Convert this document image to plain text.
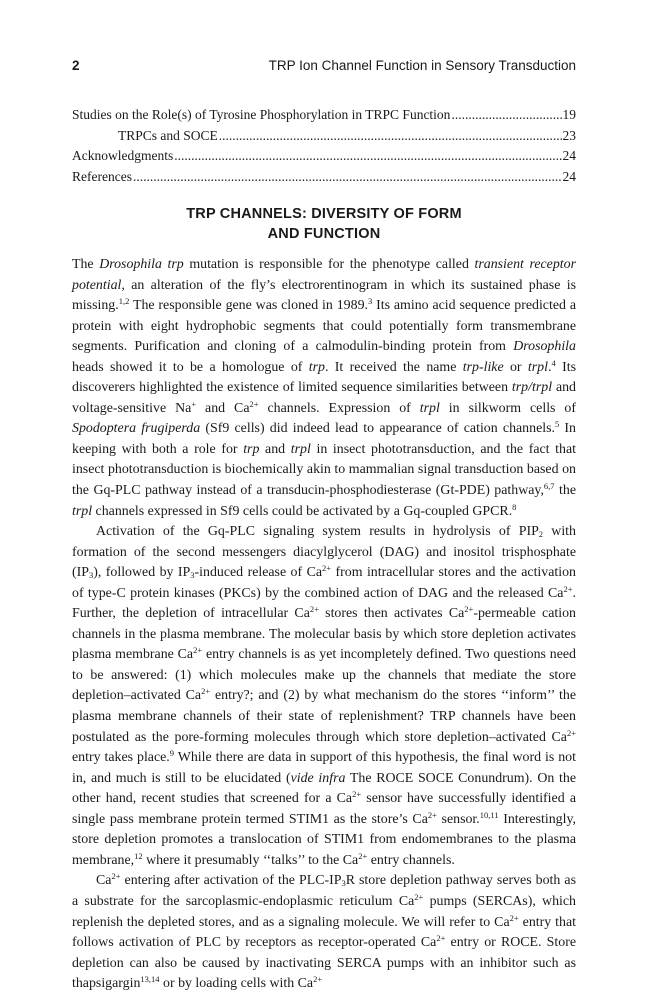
2	TRP Ion Channel Function in Sensory Transduction
Studies on the Role(s) of Tyrosine Phosphorylation in TRPC Function .....	19
TRPCs and SOCE .....	23
Acknowledgments .....	24
References .....	24
TRP CHANNELS: DIVERSITY OF FORM
AND FUNCTION

The Drosophila trp mutation is responsible for the phenotype called transient receptor potential, an alteration of the fly’s electrorentinogram in which its sustained phase is missing.$^{1,2}$ The responsible gene was cloned in 1989.$^3$ Its amino acid sequence predicted a protein with eight hydrophobic segments that could potentially form transmembrane segments. Purification and cloning of a calmodulin-binding protein from Drosophila heads showed it to be a homologue of trp. It received the name trp-like or trpl.$^4$ Its discoverers highlighted the existence of limited sequence similarities between trp/trpl and voltage-sensitive Na+ and $Ca^{2+}$ channels. Expression of trpl in silkworm cells of Spodoptera frugiperda (Sf9 cells) did indeed lead to appearance of cation channels.$^5$ In keeping with both a role for trp and trpl in insect phototransduction, and the fact that insect phototransduction is biochemically akin to mammalian signal transduction based on the Gq-PLC pathway instead of a transducin-phosphodiesterase (Gt-PDE) pathway,$^{6,7}$ the trpl channels expressed in Sf9 cells could be activated by a Gq-coupled GPCR.$^8$

Activation of the Gq-PLC signaling system results in hydrolysis of $PIP_2$ with formation of the second messengers diacylglycerol (DAG) and inositol trisphosphate $(IP_3)$, followed by $IP_3$-induced release of $Ca^{2+}$ from intracellular stores and the activation of type-C protein kinases (PKCs) by the combined action of DAG and the released $Ca^{2+}$. Further, the depletion of intracellular $Ca^{2+}$ stores then activates $Ca^{2+}$-permeable cation channels in the plasma membrane. The molecular basis by which store depletion activates plasma membrane $Ca^{2+}$ entry channels is as yet incompletely defined. Two questions need to be answered: (1) which molecules make up the channels that mediate the store depletion–activated $Ca^{2+}$ entry?; and (2) by what mechanism do the stores ‘‘inform’’ the plasma membrane channels of their state of replenishment? TRP channels have been postulated as the pore-forming molecules through which store depletion–activated $Ca^{2+}$ entry takes place.$^9$ While there are data in support of this hypothesis, the final word is not in, and much is still to be elucidated (vide infra The ROCE SOCE Conundrum). On the other hand, recent studies that screened for a $Ca^{2+}$ sensor have successfully identified a single pass membrane protein termed STIM1 as the store’s $Ca^{2+}$ sensor.$^{10,11}$ Interestingly, store depletion promotes a translocation of STIM1 from endomembranes to the plasma membrane,$^{12}$ where it presumably ‘‘talks’’ to the $Ca^{2+}$ entry channels.

$Ca^{2+}$ entering after activation of the PLC-$IP_3R$ store depletion pathway serves both as a substrate for the sarcoplasmic-endoplasmic reticulum $Ca^{2+}$ pumps (SERCAs), which replenish the depleted stores, and as a signaling molecule. We will refer to $Ca^{2+}$ entry that follows activation of PLC by receptors as receptor-operated $Ca^{2+}$ entry or ROCE. Store depletion can also be caused by inactivating SERCA pumps with an inhibitor such as thapsigargin$^{13,14}$ or by loading cells with $Ca^{2+}$
